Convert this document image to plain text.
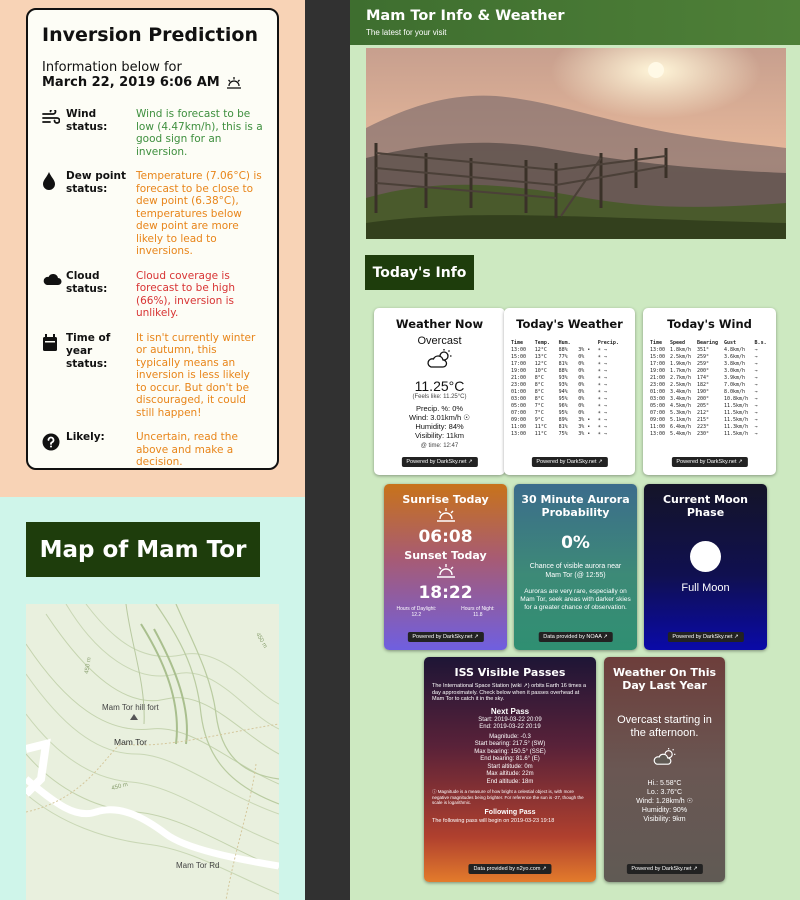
Inversion Prediction
Information below for
March 22, 2019 6:06 AM
Wind status:
Wind is forecast to be low (4.47km/h), this is a good sign for an inversion.
Dew point status:
Temperature (7.06°C) is forecast to be close to dew point (6.38°C), temperatures below dew point are more likely to lead to inversions.
Cloud status:
Cloud coverage is forecast to be high (66%), inversion is unlikely.
Time of year status:
It isn't currently winter or autumn, this typically means an inversion is less likely to occur. But don't be discouraged, it could still happen!
Likely:	Uncertain, read the above and make a decision.
Map of Mam Tor
Mam Tor hill fort
Mam Tor
Mam Tor Rd
450 m
450 m
450 m
Mam Tor Info & Weather

The latest for your visit

Today's Info
Weather Now
Overcast
11.25°C
(Feels like: 11.25°C)
Precip. %: 0%
Wind: 3.01km/h ☉
Humidity: 84%
Visibility: 11km
@ time: 12:47
Powered by DarkSky.net ↗
Today's Weather
Time	Temp.	Hum.		Precip.
13:00	12°C	88%	3% •	☀ →
15:00	13°C	77%	0%	☀ →
17:00	12°C	81%	0%	☀ →
19:00	10°C	88%	0%	☀ →
21:00	8°C	93%	0%	☀ →
23:00	8°C	93%	0%	☀ →
01:00	8°C	94%	0%	☀ →
03:00	8°C	95%	0%	☀ →
05:00	7°C	96%	0%	☀ →
07:00	7°C	95%	0%	☀ →
09:00	9°C	89%	3% •	☀ →
11:00	11°C	81%	3% •	☀ →
13:00	11°C	75%	3% •	☀ →
Powered by DarkSky.net ↗
Today's Wind
Time	Speed	Bearing	Gust	B.s.
13:00	1.8km/h	351°	4.8km/h	→
15:00	2.5km/h	259°	3.6km/h	→
17:00	1.9km/h	259°	3.8km/h	→
19:00	1.7km/h	200°	3.0km/h	→
21:00	2.7km/h	174°	3.9km/h	→
23:00	2.5km/h	182°	7.0km/h	→
01:00	3.4km/h	190°	8.0km/h	→
03:00	3.4km/h	200°	10.8km/h	→
05:00	4.5km/h	205°	11.5km/h	→
07:00	5.3km/h	212°	11.5km/h	→
09:00	5.1km/h	215°	11.5km/h	→
11:00	6.4km/h	223°	11.3km/h	→
13:00	5.4km/h	230°	11.5km/h	→
Powered by DarkSky.net ↗
Sunrise Today
06:08
Sunset Today
18:22
Hours of Daylight:
12.2
Hours of Night:
11.8
Powered by DarkSky.net ↗
30 Minute Aurora Probability
0%
Chance of visible aurora near Mam Tor (@ 12:55)
Auroras are very rare, especially on Mam Tor, seek areas with darker skies for a greater chance of observation.
Data provided by NOAA ↗
Current Moon Phase
Full Moon
Powered by DarkSky.net ↗
ISS Visible Passes
The International Space Station (wiki ↗) orbits Earth 16 times a day approximately. Check below when it passes overhead at Mam Tor to catch it in the sky.
Next Pass
Start: 2019-03-22 20:09
End: 2019-03-22 20:19
Magnitude: -0.3
Start bearing: 217.5° (SW)
Max bearing: 150.5° (SSE)
End bearing: 81.6° (E)
Start altitude: 0m
Max altitude: 22m
End altitude: 18m
ⓘ Magnitude is a measure of how bright a celestial object is, with more negative magnitudes being brighter. For reference the sun is -27, though the scale is logarithmic.
Following Pass
The following pass will begin on 2019-03-23 19:18
Data provided by n2yo.com ↗
Weather On This Day Last Year
Overcast starting in the afternoon.
Hi.: 5.58°C
Lo.: 3.76°C
Wind: 1.28km/h ☉
Humidity: 90%
Visibility: 9km
Powered by DarkSky.net ↗
